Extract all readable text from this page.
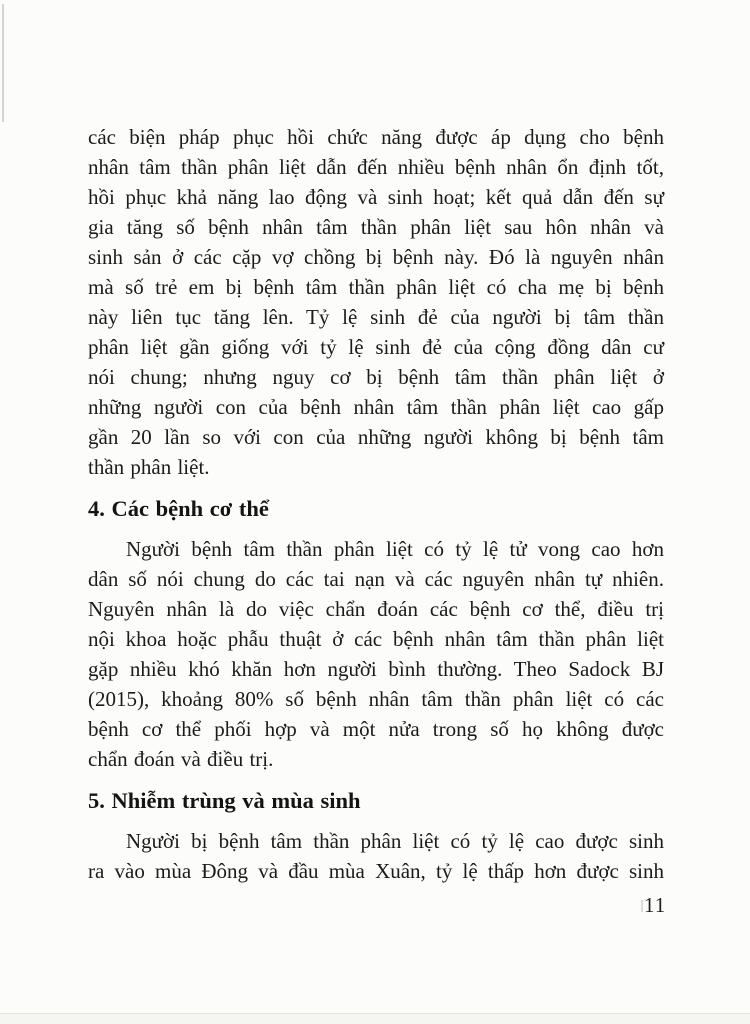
các biện pháp phục hồi chức năng được áp dụng cho bệnh
nhân tâm thần phân liệt dẫn đến nhiều bệnh nhân ổn định tốt,
hồi phục khả năng lao động và sinh hoạt; kết quả dẫn đến sự
gia tăng số bệnh nhân tâm thần phân liệt sau hôn nhân và
sinh sản ở các cặp vợ chồng bị bệnh này. Đó là nguyên nhân
mà số trẻ em bị bệnh tâm thần phân liệt có cha mẹ bị bệnh
này liên tục tăng lên. Tỷ lệ sinh đẻ của người bị tâm thần
phân liệt gần giống với tỷ lệ sinh đẻ của cộng đồng dân cư
nói chung; nhưng nguy cơ bị bệnh tâm thần phân liệt ở
những người con của bệnh nhân tâm thần phân liệt cao gấp
gần 20 lần so với con của những người không bị bệnh tâm
thần phân liệt.
4. Các bệnh cơ thể
Người bệnh tâm thần phân liệt có tỷ lệ tử vong cao hơn
dân số nói chung do các tai nạn và các nguyên nhân tự nhiên.
Nguyên nhân là do việc chẩn đoán các bệnh cơ thể, điều trị
nội khoa hoặc phẫu thuật ở các bệnh nhân tâm thần phân liệt
gặp nhiều khó khăn hơn người bình thường. Theo Sadock BJ
(2015), khoảng 80% số bệnh nhân tâm thần phân liệt có các
bệnh cơ thể phối hợp và một nửa trong số họ không được
chẩn đoán và điều trị.
5. Nhiễm trùng và mùa sinh
Người bị bệnh tâm thần phân liệt có tỷ lệ cao được sinh
ra vào mùa Đông và đầu mùa Xuân, tỷ lệ thấp hơn được sinh
11
